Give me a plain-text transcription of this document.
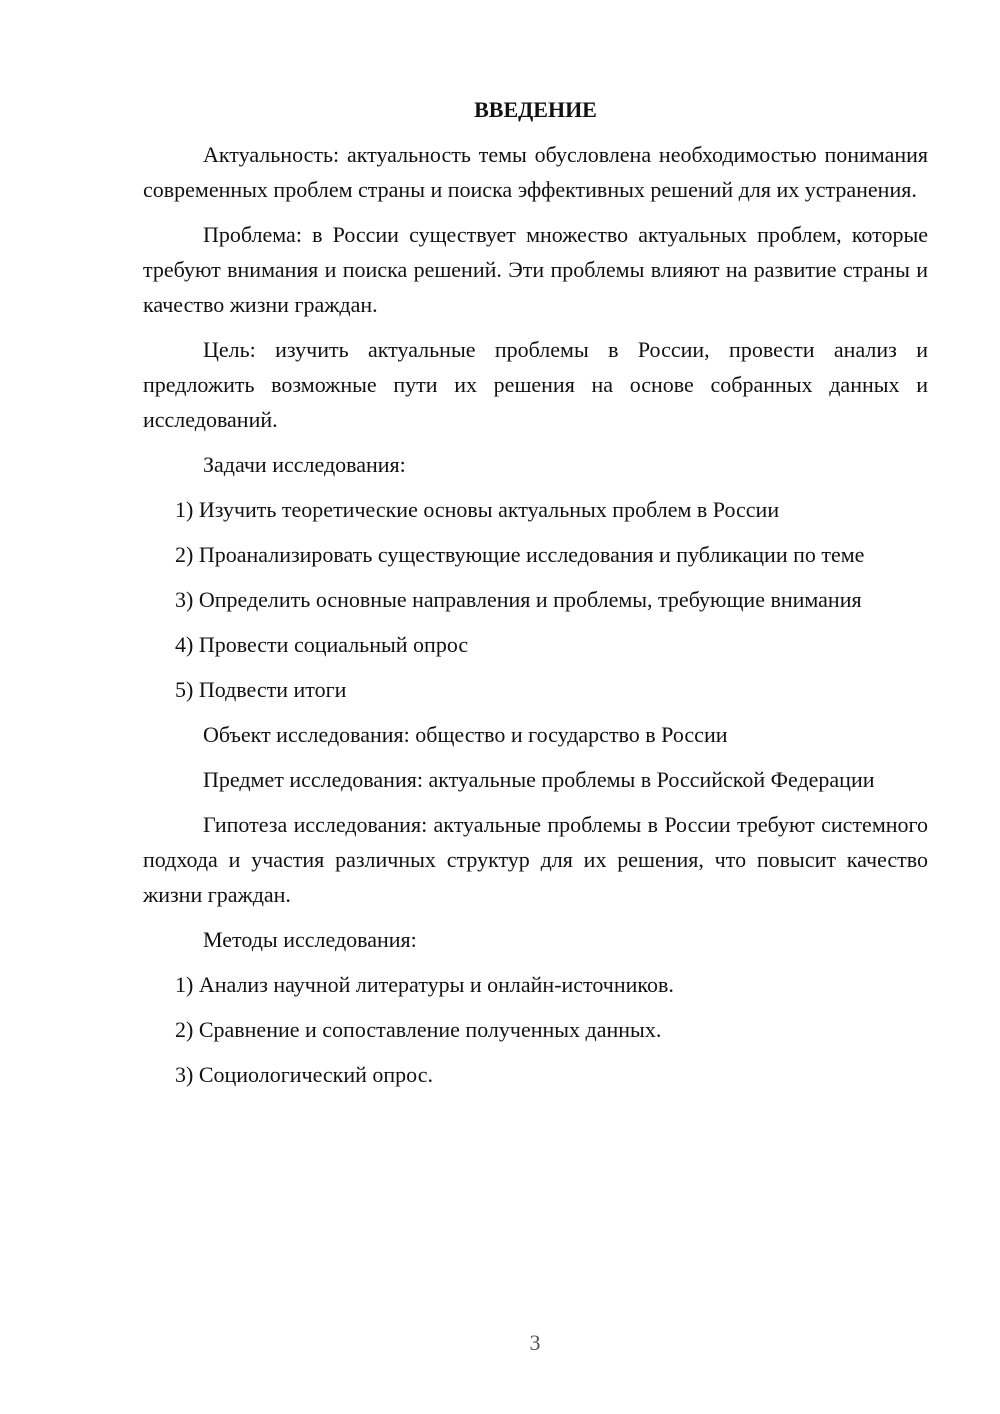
ВВЕДЕНИЕ
Актуальность: актуальность темы обусловлена необходимостью понимания современных проблем страны и поиска эффективных решений для их устранения.
Проблема: в России существует множество актуальных проблем, которые требуют внимания и поиска решений. Эти проблемы влияют на развитие страны и качество жизни граждан.
Цель: изучить актуальные проблемы в России, провести анализ и предложить возможные пути их решения на основе собранных данных и исследований.
Задачи исследования:
1) Изучить теоретические основы актуальных проблем в России
2) Проанализировать существующие исследования и публикации по теме
3) Определить основные направления и проблемы, требующие внимания
4) Провести социальный опрос
5) Подвести итоги
Объект исследования: общество и государство в России
Предмет исследования: актуальные проблемы в Российской Федерации
Гипотеза исследования: актуальные проблемы в России требуют системного подхода и участия различных структур для их решения, что повысит качество жизни граждан.
Методы исследования:
1) Анализ научной литературы и онлайн-источников.
2) Сравнение и сопоставление полученных данных.
3) Социологический опрос.
3
